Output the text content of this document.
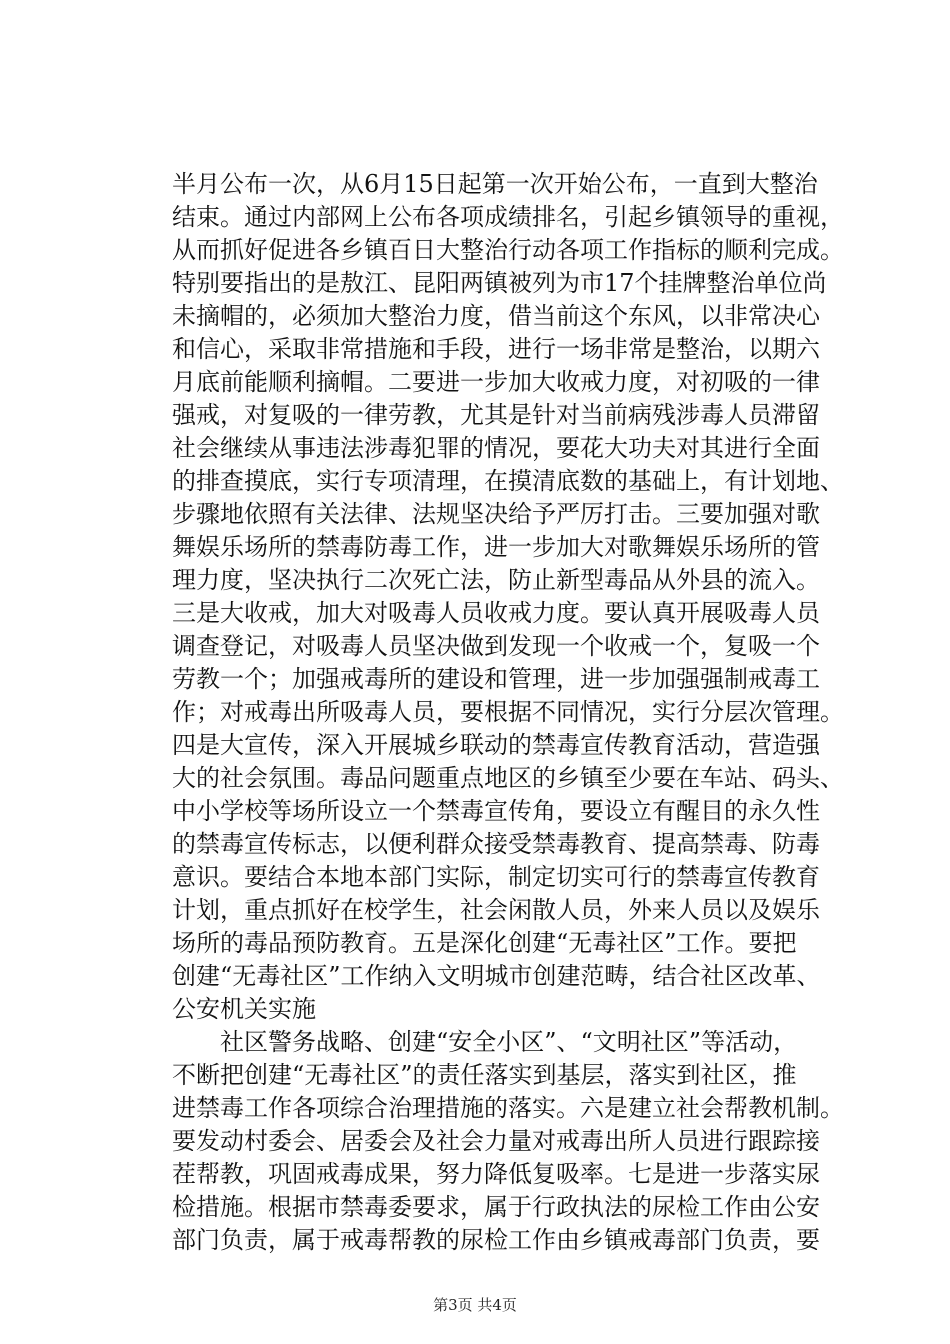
半月公布一次，从6月15日起第一次开始公布，一直到大整治
结束。通过内部网上公布各项成绩排名，引起乡镇领导的重视，
从而抓好促进各乡镇百日大整治行动各项工作指标的顺利完成。
特别要指出的是敖江、昆阳两镇被列为市17个挂牌整治单位尚
未摘帽的，必须加大整治力度，借当前这个东风，以非常决心
和信心，采取非常措施和手段，进行一场非常是整治，以期六
月底前能顺利摘帽。二要进一步加大收戒力度，对初吸的一律
强戒，对复吸的一律劳教，尤其是针对当前病残涉毒人员滞留
社会继续从事违法涉毒犯罪的情况，要花大功夫对其进行全面
的排查摸底，实行专项清理，在摸清底数的基础上，有计划地、
步骤地依照有关法律、法规坚决给予严厉打击。三要加强对歌
舞娱乐场所的禁毒防毒工作，进一步加大对歌舞娱乐场所的管
理力度，坚决执行二次死亡法，防止新型毒品从外县的流入。
三是大收戒，加大对吸毒人员收戒力度。要认真开展吸毒人员
调查登记，对吸毒人员坚决做到发现一个收戒一个，复吸一个
劳教一个；加强戒毒所的建设和管理，进一步加强强制戒毒工
作；对戒毒出所吸毒人员，要根据不同情况，实行分层次管理。
四是大宣传，深入开展城乡联动的禁毒宣传教育活动，营造强
大的社会氛围。毒品问题重点地区的乡镇至少要在车站、码头、
中小学校等场所设立一个禁毒宣传角，要设立有醒目的永久性
的禁毒宣传标志，以便利群众接受禁毒教育、提高禁毒、防毒
意识。要结合本地本部门实际，制定切实可行的禁毒宣传教育
计划，重点抓好在校学生，社会闲散人员，外来人员以及娱乐
场所的毒品预防教育。五是深化创建“无毒社区”工作。要把
创建“无毒社区”工作纳入文明城市创建范畴，结合社区改革、
公安机关实施
　　社区警务战略、创建“安全小区”、“文明社区”等活动，
不断把创建“无毒社区”的责任落实到基层，落实到社区，推
进禁毒工作各项综合治理措施的落实。六是建立社会帮教机制。
要发动村委会、居委会及社会力量对戒毒出所人员进行跟踪接
茬帮教，巩固戒毒成果，努力降低复吸率。七是进一步落实尿
检措施。根据市禁毒委要求，属于行政执法的尿检工作由公安
部门负责，属于戒毒帮教的尿检工作由乡镇戒毒部门负责，要
第3页 共4页
